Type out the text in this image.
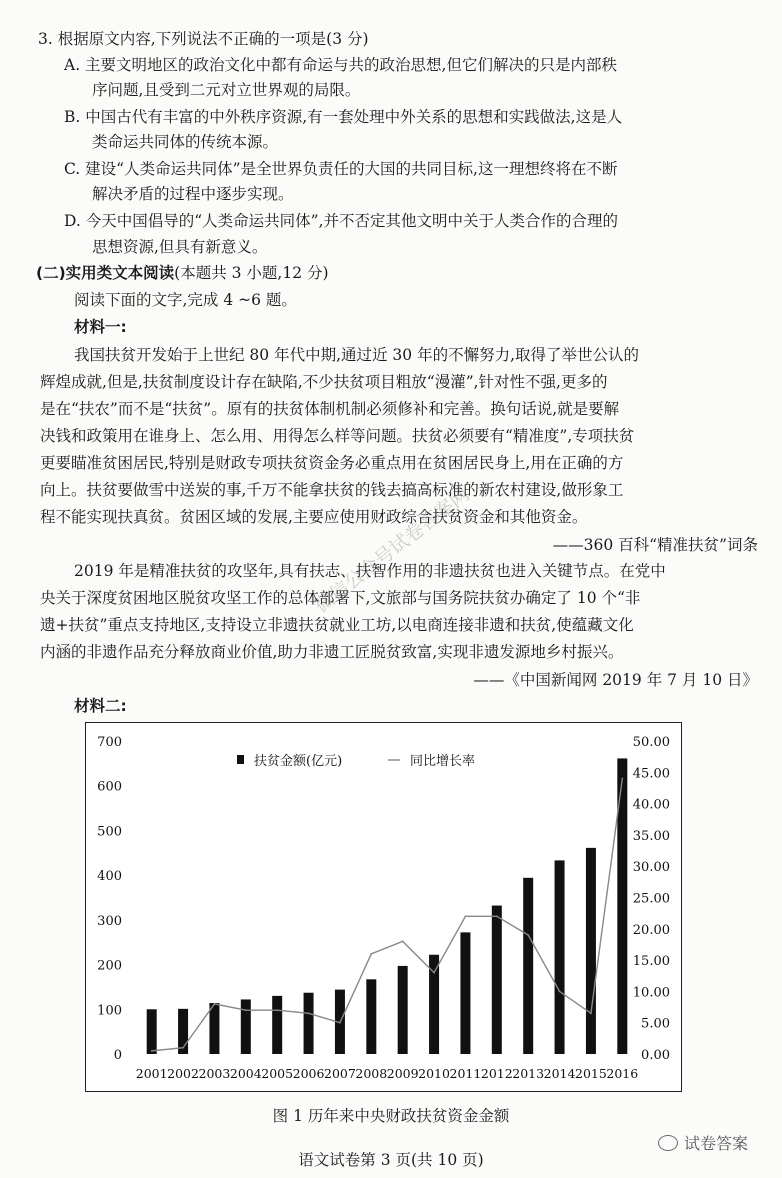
3. 根据原文内容,下列说法不正确的一项是(3 分)
A. 主要文明地区的政治文化中都有命运与共的政治思想,但它们解决的只是内部秩
序问题,且受到二元对立世界观的局限。
B. 中国古代有丰富的中外秩序资源,有一套处理中外关系的思想和实践做法,这是人
类命运共同体的传统本源。
C. 建设“人类命运共同体”是全世界负责任的大国的共同目标,这一理想终将在不断
解决矛盾的过程中逐步实现。
D. 今天中国倡导的“人类命运共同体”,并不否定其他文明中关于人类合作的合理的
思想资源,但具有新意义。
(二)实用类文本阅读(本题共 3 小题,12 分)
阅读下面的文字,完成 4 ~6 题。
材料一:
我国扶贫开发始于上世纪 80 年代中期,通过近 30 年的不懈努力,取得了举世公认的
辉煌成就,但是,扶贫制度设计存在缺陷,不少扶贫项目粗放“漫灌”,针对性不强,更多的
是在“扶农”而不是“扶贫”。原有的扶贫体制机制必须修补和完善。换句话说,就是要解
决钱和政策用在谁身上、怎么用、用得怎么样等问题。扶贫必须要有“精准度”,专项扶贫
更要瞄准贫困居民,特别是财政专项扶贫资金务必重点用在贫困居民身上,用在正确的方
向上。扶贫要做雪中送炭的事,千万不能拿扶贫的钱去搞高标准的新农村建设,做形象工
程不能实现扶真贫。贫困区域的发展,主要应使用财政综合扶贫资金和其他资金。
——360 百科“精准扶贫”词条
2019 年是精准扶贫的攻坚年,具有扶志、扶智作用的非遗扶贫也进入关键节点。在党中
央关于深度贫困地区脱贫攻坚工作的总体部署下,文旅部与国务院扶贫办确定了 10 个“非
遗+扶贫”重点支持地区,支持设立非遗扶贫就业工坊,以电商连接非遗和扶贫,使蕴藏文化
内涵的非遗作品充分释放商业价值,助力非遗工匠脱贫致富,实现非遗发源地乡村振兴。
——《中国新闻网 2019 年 7 月 10 日》
材料二:
0
100
200
300
400
500
600
700
0.00
5.00
10.00
15.00
20.00
25.00
30.00
35.00
40.00
45.00
50.00
2001 2002 2003 2004 2005 2006 2007 2008 2009 2010 2011 2012 2013 2014 2015 2016
扶贫金额(亿元)	同比增长率
图 1 历年来中央财政扶贫资金金额
微信公众号试卷答案网
试卷答案
语文试卷第 3 页(共 10 页)
